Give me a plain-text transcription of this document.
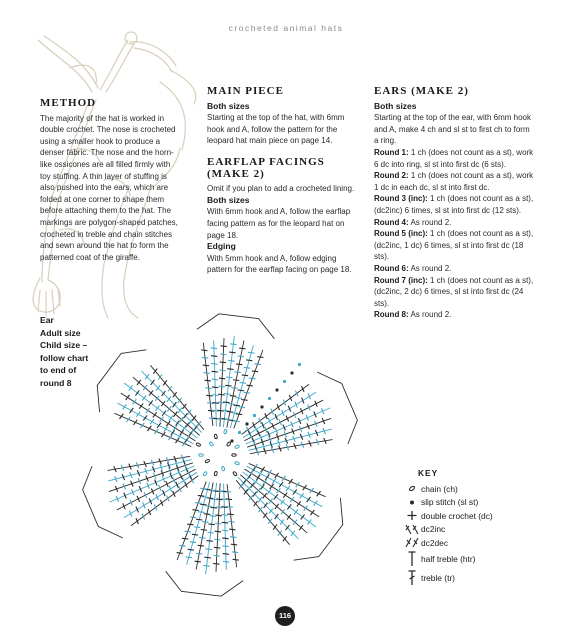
crocheted animal hats
METHOD

The majority of the hat is worked in double crochet. The nose is crocheted using a smaller hook to produce a denser fabric. The nose and the horn-like ossicones are all filled firmly with toy stuffing. A thin layer of stuffing is also pushed into the ears, which are folded at one corner to shape them before attaching them to the hat. The markings are polygon-shaped patches, crocheted in treble and chain stitches and sewn around the hat to form the patterned coat of the giraffe.

MAIN PIECE
Both sizes

Starting at the top of the hat, with 6mm hook and A, follow the pattern for the leopard hat main piece on page 14.

EARFLAP FACINGS (MAKE 2)

Omit if you plan to add a crocheted lining.

Both sizes

With 6mm hook and A, follow the earflap facing pattern as for the leopard hat on page 18.

Edging

With 5mm hook and A, follow edging pattern for the earflap facing on page 18.

EARS (MAKE 2)
Both sizes

Starting at the top of the ear, with 6mm hook and A, make 4 ch and sl st to first ch to form a ring.

Round 1: 1 ch (does not count as a st), work 6 dc into ring, sl st into first dc (6 sts).

Round 2: 1 ch (does not count as a st), work 1 dc in each dc, sl st into first dc.

Round 3 (inc): 1 ch (does not count as a st), (dc2inc) 6 times, sl st into first dc (12 sts).

Round 4: As round 2.

Round 5 (inc): 1 ch (does not count as a st), (dc2inc, 1 dc) 6 times, sl st into first dc (18 sts).

Round 6: As round 2.

Round 7 (inc): 1 ch (does not count as a st), (dc2inc, 2 dc) 6 times, sl st into first dc (24 sts).

Round 8: As round 2.

Ear
Adult size
Child size –
follow chart
to end of
round 8
KEY
chain (ch)
slip stitch (sl st)
double crochet (dc)
dc2inc
dc2dec
half treble (htr)
treble (tr)
116
